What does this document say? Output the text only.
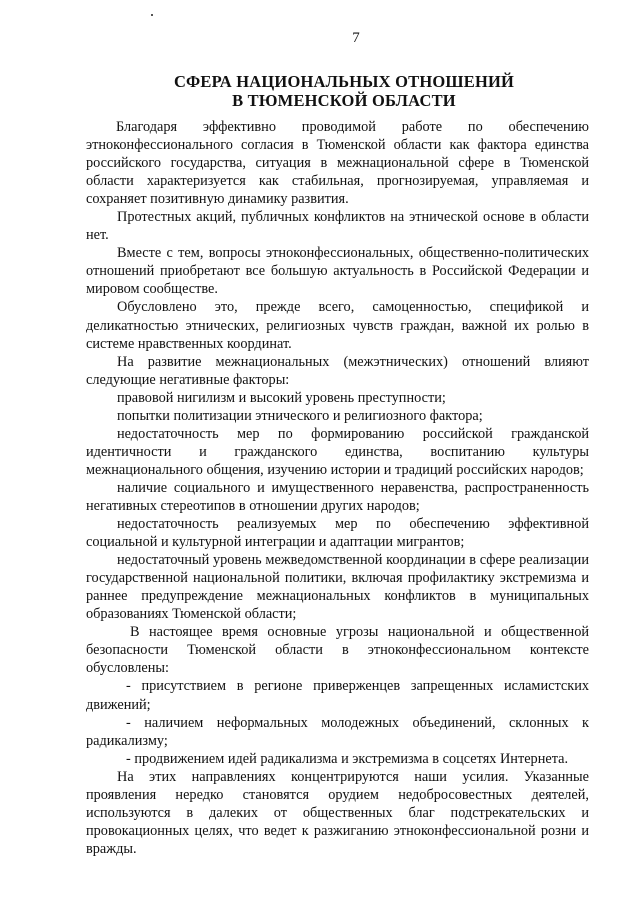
7
СФЕРА НАЦИОНАЛЬНЫХ ОТНОШЕНИЙ
В ТЮМЕНСКОЙ ОБЛАСТИ

Благодаря эффективно проводимой работе по обеспечению этноконфессионального согласия в Тюменской области как фактора единства российского государства, ситуация в межнациональной сфере в Тюменской области характеризуется как стабильная, прогнозируемая, управляемая и сохраняет позитивную динамику развития.

Протестных акций, публичных конфликтов на этнической основе в области нет.

Вместе с тем, вопросы этноконфессиональных, общественно-политических отношений приобретают все большую актуальность в Российской Федерации и мировом сообществе.

Обусловлено это, прежде всего, самоценностью, спецификой и деликатностью этнических, религиозных чувств граждан, важной их ролью в системе нравственных координат.

На развитие межнациональных (межэтнических) отношений влияют следующие негативные факторы:

правовой нигилизм и высокий уровень преступности;

попытки политизации этнического и религиозного фактора;

недостаточность мер по формированию российской гражданской идентичности и гражданского единства, воспитанию культуры межнационального общения, изучению истории и традиций российских народов;

наличие социального и имущественного неравенства, распространенность негативных стереотипов в отношении других народов;

недостаточность реализуемых мер по обеспечению эффективной социальной и культурной интеграции и адаптации мигрантов;

недостаточный уровень межведомственной координации в сфере реализации государственной национальной политики, включая профилактику экстремизма и раннее предупреждение межнациональных конфликтов в муниципальных образованиях Тюменской области;

В настоящее время основные угрозы национальной и общественной безопасности Тюменской области в этноконфессиональном контексте обусловлены:

- присутствием в регионе приверженцев запрещенных исламистских движений;

- наличием неформальных молодежных объединений, склонных к радикализму;

- продвижением идей радикализма и экстремизма в соцсетях Интернета.

На этих направлениях концентрируются наши усилия. Указанные проявления нередко становятся орудием недобросовестных деятелей, используются в далеких от общественных благ подстрекательских и провокационных целях, что ведет к разжиганию этноконфессиональной розни и вражды.
